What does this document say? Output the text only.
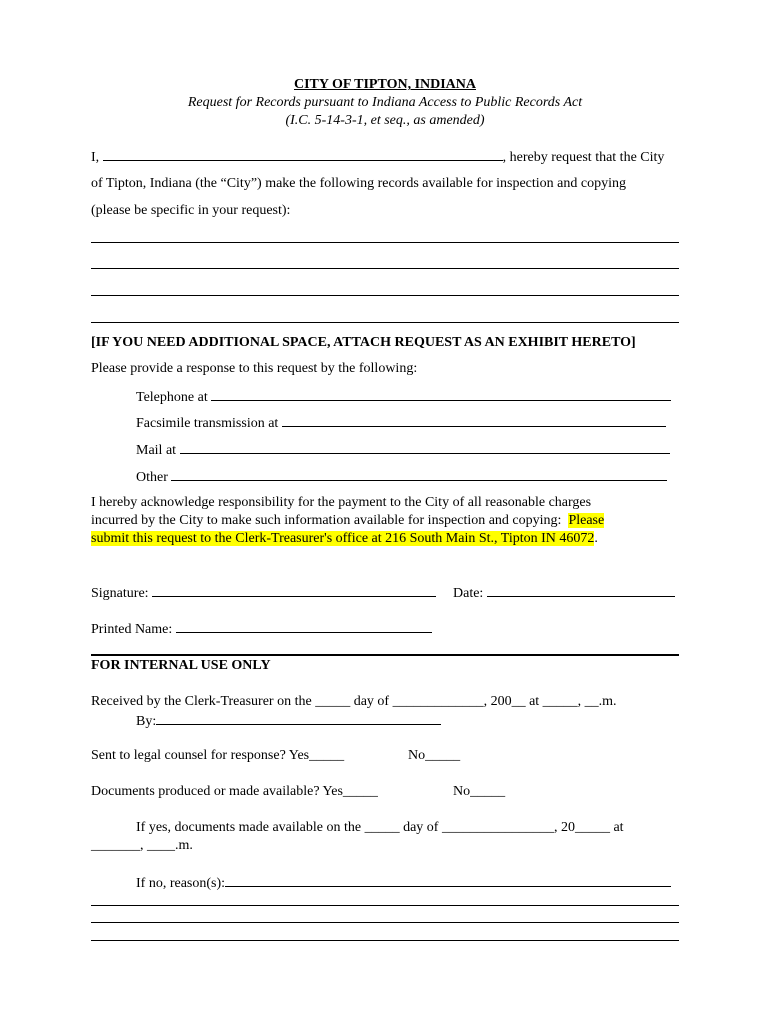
CITY OF TIPTON, INDIANA
Request for Records pursuant to Indiana Access to Public Records Act
(I.C. 5-14-3-1, et seq., as amended)
I,	, hereby request that the City
of Tipton, Indiana (the “City”) make the following records available for inspection and copying
(please be specific in your request):
[IF YOU NEED ADDITIONAL SPACE, ATTACH REQUEST AS AN EXHIBIT HERETO]
Please provide a response to this request by the following:
Telephone at
Facsimile transmission at
Mail at
Other
I hereby acknowledge responsibility for the payment to the City of all reasonable charges
incurred by the City to make such information available for inspection and copying: Please
submit this request to the Clerk-Treasurer's office at 216 South Main St., Tipton IN 46072.
Signature:	Date:
Printed Name:
FOR INTERNAL USE ONLY
Received by the Clerk-Treasurer on the _____ day of _____________, 200__ at _____, __.m.
By:
Sent to legal counsel for response? Yes_____	No_____
Documents produced or made available? Yes_____	No_____
If yes, documents made available on the _____ day of ________________, 20_____ at
_______, ____.m.
If no, reason(s):
